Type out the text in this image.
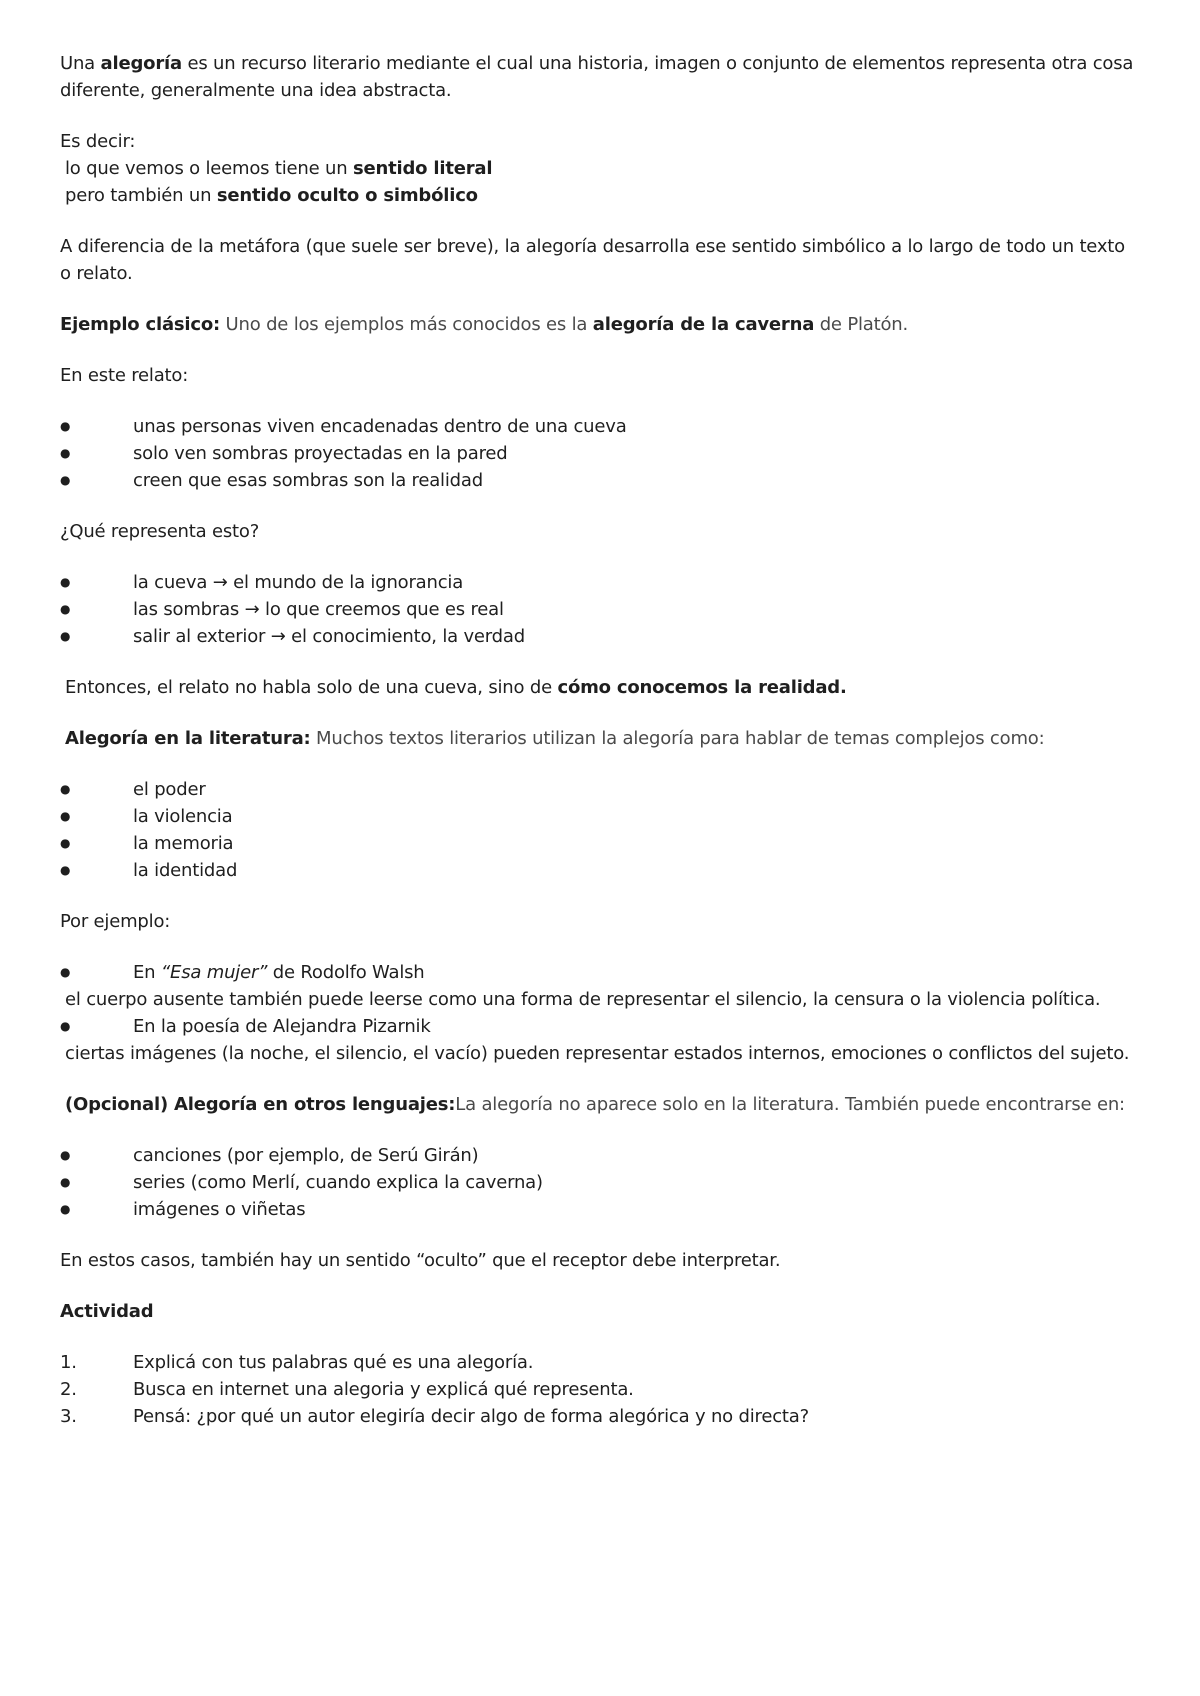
Una alegoría es un recurso literario mediante el cual una historia, imagen o conjunto de elementos representa otra cosa diferente, generalmente una idea abstracta.

Es decir:

lo que vemos o leemos tiene un sentido literal

pero también un sentido oculto o simbólico

A diferencia de la metáfora (que suele ser breve), la alegoría desarrolla ese sentido simbólico a lo largo de todo un texto o relato.

Ejemplo clásico: Uno de los ejemplos más conocidos es la alegoría de la caverna de Platón.

En este relato:

●	unas personas viven encadenadas dentro de una cueva
●	solo ven sombras proyectadas en la pared
●	creen que esas sombras son la realidad

¿Qué representa esto?

●	la cueva → el mundo de la ignorancia
●	las sombras → lo que creemos que es real
●	salir al exterior → el conocimiento, la verdad

Entonces, el relato no habla solo de una cueva, sino de cómo conocemos la realidad.

Alegoría en la literatura: Muchos textos literarios utilizan la alegoría para hablar de temas complejos como:

●	el poder
●	la violencia
●	la memoria
●	la identidad

Por ejemplo:

●	En “Esa mujer” de Rodolfo Walsh

el cuerpo ausente también puede leerse como una forma de representar el silencio, la censura o la violencia política.

●	En la poesía de Alejandra Pizarnik

ciertas imágenes (la noche, el silencio, el vacío) pueden representar estados internos, emociones o conflictos del sujeto.

(Opcional) Alegoría en otros lenguajes:La alegoría no aparece solo en la literatura. También puede encontrarse en:

●	canciones (por ejemplo, de Serú Girán)
●	series (como Merlí, cuando explica la caverna)
●	imágenes o viñetas

En estos casos, también hay un sentido “oculto” que el receptor debe interpretar.

Actividad

1.	Explicá con tus palabras qué es una alegoría.
2.	Busca en internet una alegoria y explicá qué representa.
3.	Pensá: ¿por qué un autor elegiría decir algo de forma alegórica y no directa?
